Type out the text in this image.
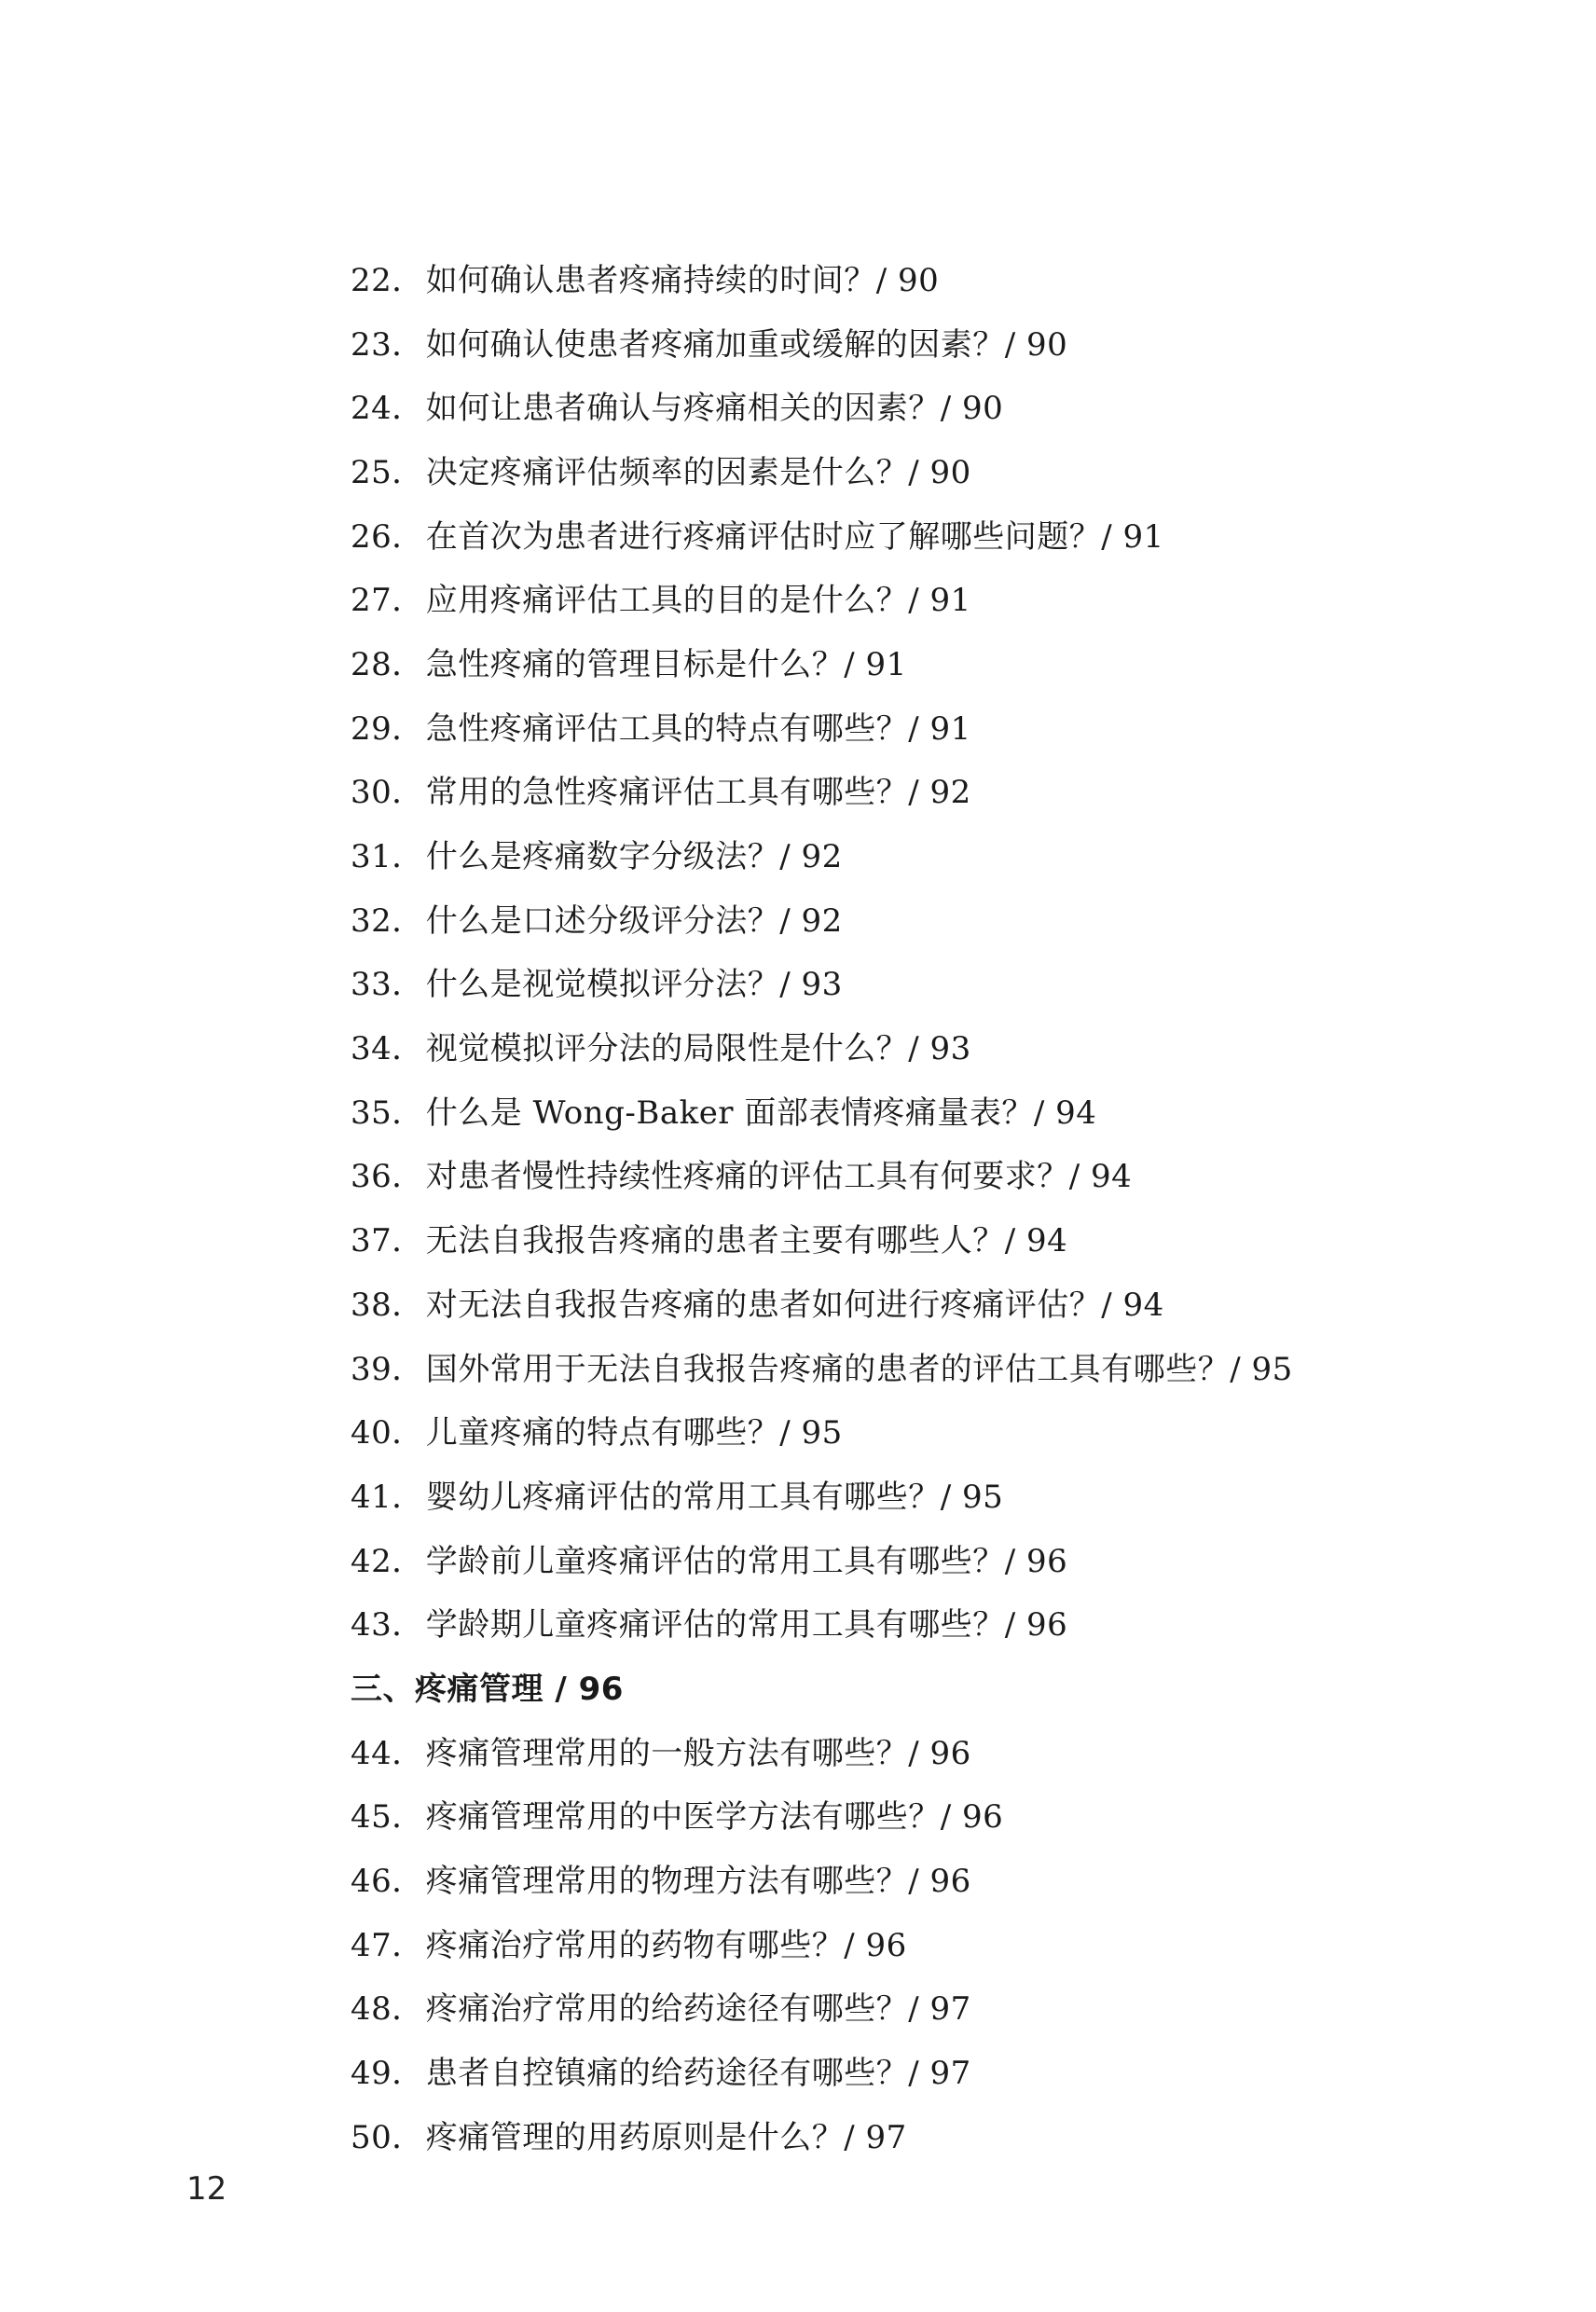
22． 如何确认患者疼痛持续的时间？/ 90
23． 如何确认使患者疼痛加重或缓解的因素？/ 90
24． 如何让患者确认与疼痛相关的因素？/ 90
25． 决定疼痛评估频率的因素是什么？/ 90
26． 在首次为患者进行疼痛评估时应了解哪些问题？/ 91
27． 应用疼痛评估工具的目的是什么？/ 91
28． 急性疼痛的管理目标是什么？/ 91
29． 急性疼痛评估工具的特点有哪些？/ 91
30． 常用的急性疼痛评估工具有哪些？/ 92
31． 什么是疼痛数字分级法？/ 92
32． 什么是口述分级评分法？/ 92
33． 什么是视觉模拟评分法？/ 93
34． 视觉模拟评分法的局限性是什么？/ 93
35． 什么是 Wong-Baker 面部表情疼痛量表？/ 94
36． 对患者慢性持续性疼痛的评估工具有何要求？/ 94
37． 无法自我报告疼痛的患者主要有哪些人？/ 94
38． 对无法自我报告疼痛的患者如何进行疼痛评估？/ 94
39． 国外常用于无法自我报告疼痛的患者的评估工具有哪些？/ 95
40． 儿童疼痛的特点有哪些？/ 95
41． 婴幼儿疼痛评估的常用工具有哪些？/ 95
42． 学龄前儿童疼痛评估的常用工具有哪些？/ 96
43． 学龄期儿童疼痛评估的常用工具有哪些？/ 96
三、疼痛管理 / 96
44． 疼痛管理常用的一般方法有哪些？/ 96
45． 疼痛管理常用的中医学方法有哪些？/ 96
46． 疼痛管理常用的物理方法有哪些？/ 96
47． 疼痛治疗常用的药物有哪些？/ 96
48． 疼痛治疗常用的给药途径有哪些？/ 97
49． 患者自控镇痛的给药途径有哪些？/ 97
50． 疼痛管理的用药原则是什么？/ 97
12
